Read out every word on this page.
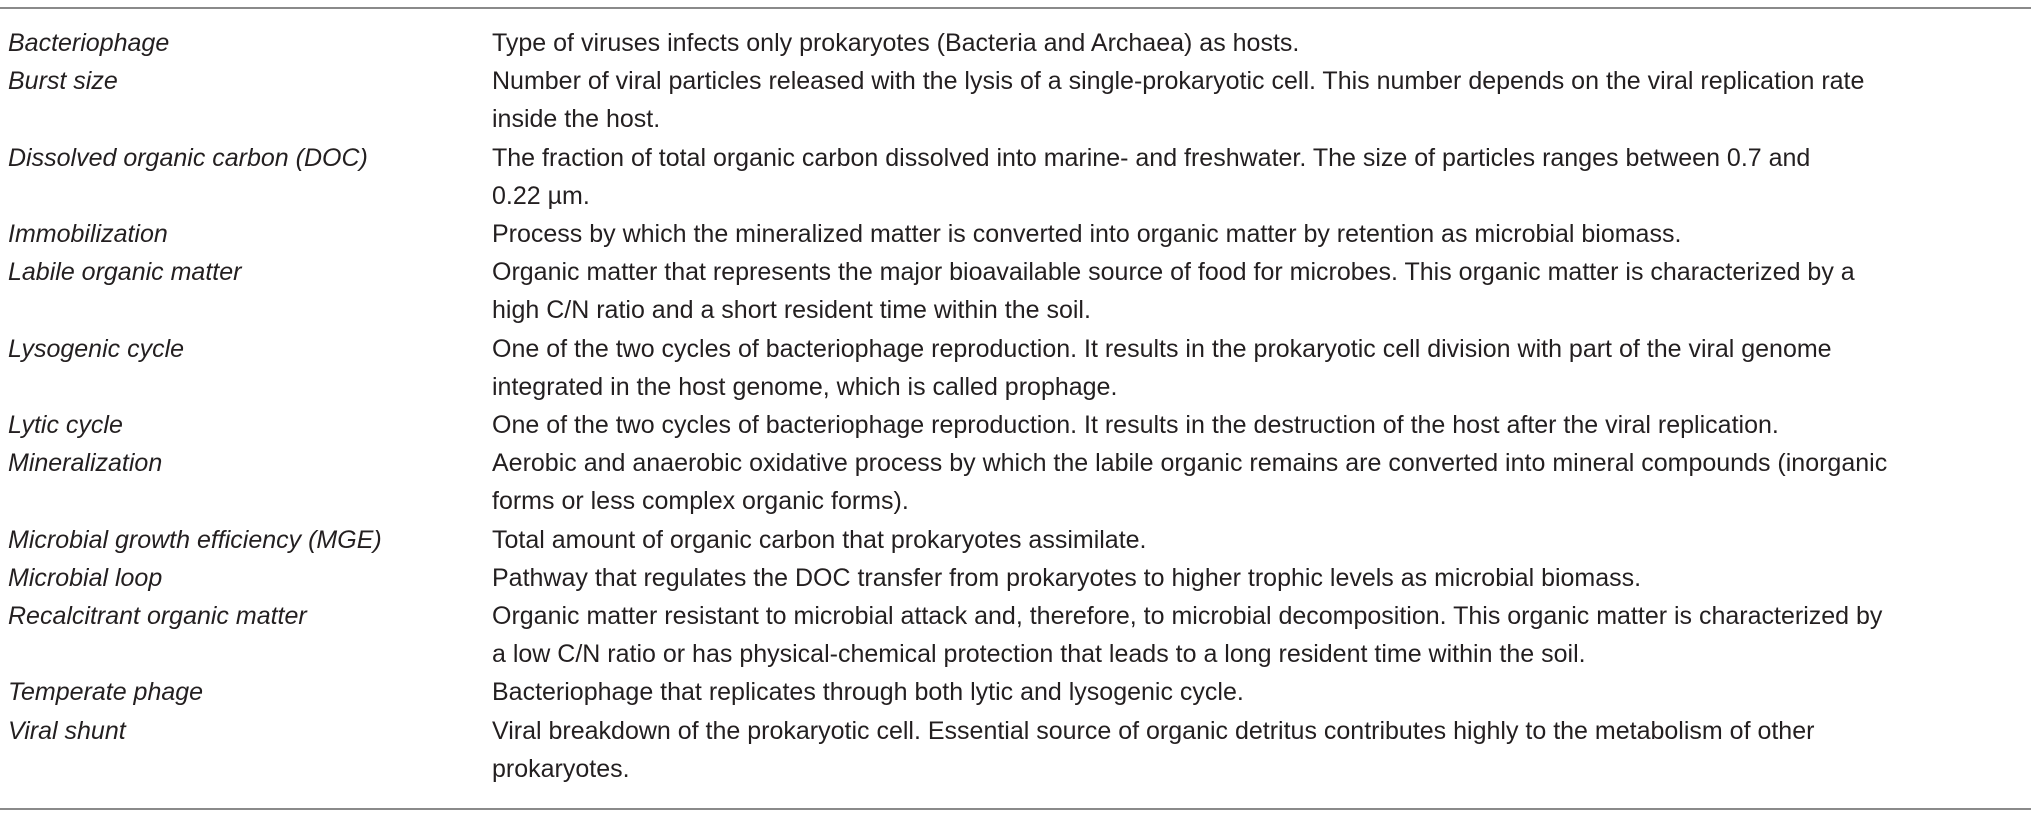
Bacteriophage	Type of viruses infects only prokaryotes (Bacteria and Archaea) as hosts.
Burst size	Number of viral particles released with the lysis of a single-prokaryotic cell. This number depends on the viral replication rate
inside the host.
Dissolved organic carbon (DOC)	The fraction of total organic carbon dissolved into marine- and freshwater. The size of particles ranges between 0.7 and
0.22 µm.
Immobilization	Process by which the mineralized matter is converted into organic matter by retention as microbial biomass.
Labile organic matter	Organic matter that represents the major bioavailable source of food for microbes. This organic matter is characterized by a
high C/N ratio and a short resident time within the soil.
Lysogenic cycle	One of the two cycles of bacteriophage reproduction. It results in the prokaryotic cell division with part of the viral genome
integrated in the host genome, which is called prophage.
Lytic cycle	One of the two cycles of bacteriophage reproduction. It results in the destruction of the host after the viral replication.
Mineralization	Aerobic and anaerobic oxidative process by which the labile organic remains are converted into mineral compounds (inorganic
forms or less complex organic forms).
Microbial growth efficiency (MGE)	Total amount of organic carbon that prokaryotes assimilate.
Microbial loop	Pathway that regulates the DOC transfer from prokaryotes to higher trophic levels as microbial biomass.
Recalcitrant organic matter	Organic matter resistant to microbial attack and, therefore, to microbial decomposition. This organic matter is characterized by
a low C/N ratio or has physical-chemical protection that leads to a long resident time within the soil.
Temperate phage	Bacteriophage that replicates through both lytic and lysogenic cycle.
Viral shunt	Viral breakdown of the prokaryotic cell. Essential source of organic detritus contributes highly to the metabolism of other
prokaryotes.
